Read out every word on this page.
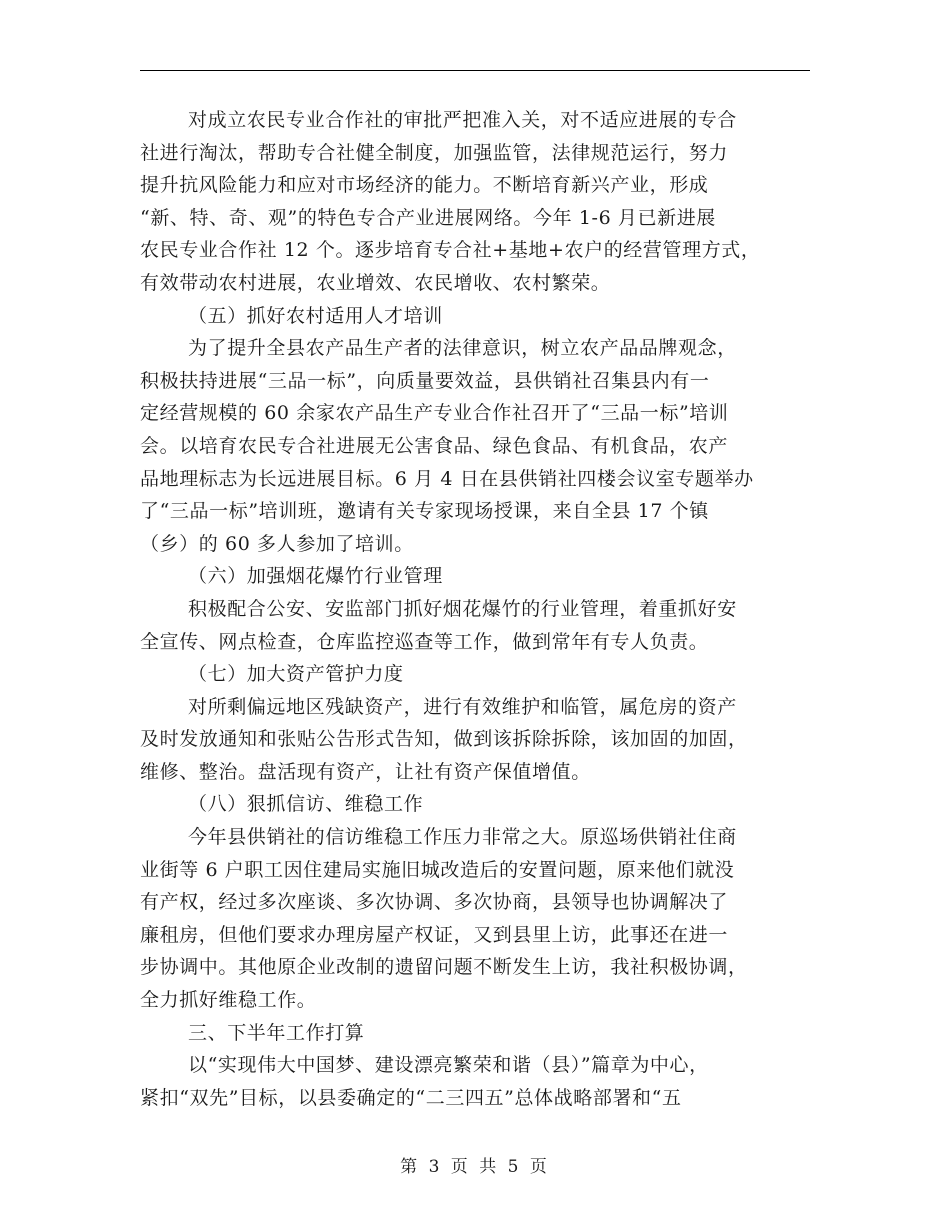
对成立农民专业合作社的审批严把准入关，对不适应进展的专合
社进行淘汰，帮助专合社健全制度，加强监管，法律规范运行，努力
提升抗风险能力和应对市场经济的能力。不断培育新兴产业，形成
“新、特、奇、观”的特色专合产业进展网络。今年 1-6 月已新进展
农民专业合作社 12 个。逐步培育专合社+基地+农户的经营管理方式，
有效带动农村进展，农业增效、农民增收、农村繁荣。
（五）抓好农村适用人才培训
为了提升全县农产品生产者的法律意识，树立农产品品牌观念，
积极扶持进展“三品一标”，向质量要效益，县供销社召集县内有一
定经营规模的 60 余家农产品生产专业合作社召开了“三品一标”培训
会。以培育农民专合社进展无公害食品、绿色食品、有机食品，农产
品地理标志为长远进展目标。6 月 4 日在县供销社四楼会议室专题举办
了“三品一标”培训班，邀请有关专家现场授课，来自全县 17 个镇
（乡）的 60 多人参加了培训。
（六）加强烟花爆竹行业管理
积极配合公安、安监部门抓好烟花爆竹的行业管理，着重抓好安
全宣传、网点检查，仓库监控巡查等工作，做到常年有专人负责。
（七）加大资产管护力度
对所剩偏远地区残缺资产，进行有效维护和临管，属危房的资产
及时发放通知和张贴公告形式告知，做到该拆除拆除，该加固的加固，
维修、整治。盘活现有资产，让社有资产保值增值。
（八）狠抓信访、维稳工作
今年县供销社的信访维稳工作压力非常之大。原巡场供销社住商
业街等 6 户职工因住建局实施旧城改造后的安置问题，原来他们就没
有产权，经过多次座谈、多次协调、多次协商，县领导也协调解决了
廉租房，但他们要求办理房屋产权证，又到县里上访，此事还在进一
步协调中。其他原企业改制的遗留问题不断发生上访，我社积极协调，
全力抓好维稳工作。
三、下半年工作打算
以“实现伟大中国梦、建设漂亮繁荣和谐（县）”篇章为中心，
紧扣“双先”目标，以县委确定的“二三四五”总体战略部署和“五
第 3 页 共 5 页
